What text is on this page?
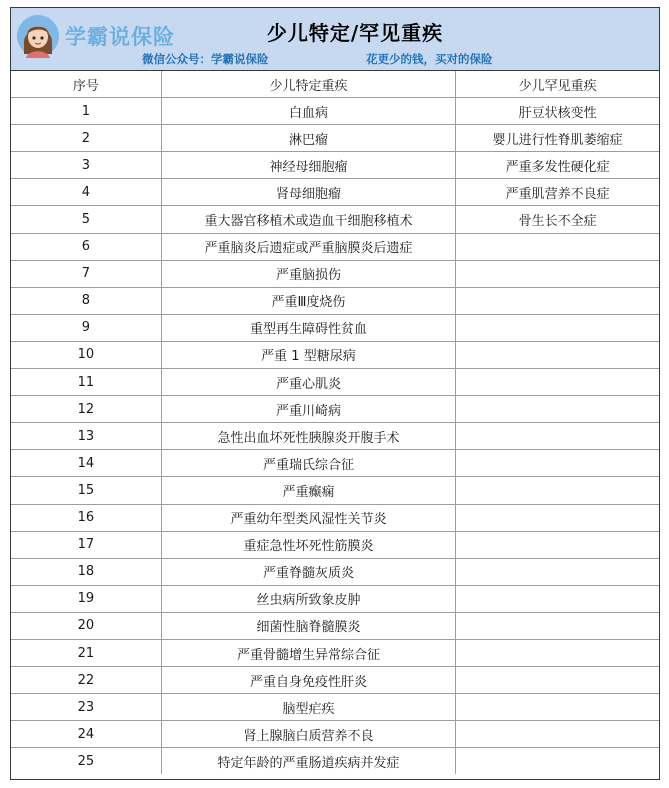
学霸说保险	少儿特定/罕见重疾
微信公众号：学霸说保险	花更少的钱，买对的保险
序号	少儿特定重疾	少儿罕见重疾
1	白血病	肝豆状核变性
2	淋巴瘤	婴儿进行性脊肌萎缩症
3	神经母细胞瘤	严重多发性硬化症
4	肾母细胞瘤	严重肌营养不良症
5	重大器官移植术或造血干细胞移植术	骨生长不全症
6	严重脑炎后遗症或严重脑膜炎后遗症	
7	严重脑损伤	
8	严重Ⅲ度烧伤	
9	重型再生障碍性贫血	
10	严重 1 型糖尿病	
11	严重心肌炎	
12	严重川崎病	
13	急性出血坏死性胰腺炎开腹手术	
14	严重瑞氏综合征	
15	严重癫痫	
16	严重幼年型类风湿性关节炎	
17	重症急性坏死性筋膜炎	
18	严重脊髓灰质炎	
19	丝虫病所致象皮肿	
20	细菌性脑脊髓膜炎	
21	严重骨髓增生异常综合征	
22	严重自身免疫性肝炎	
23	脑型疟疾	
24	肾上腺脑白质营养不良	
25	特定年龄的严重肠道疾病并发症	
